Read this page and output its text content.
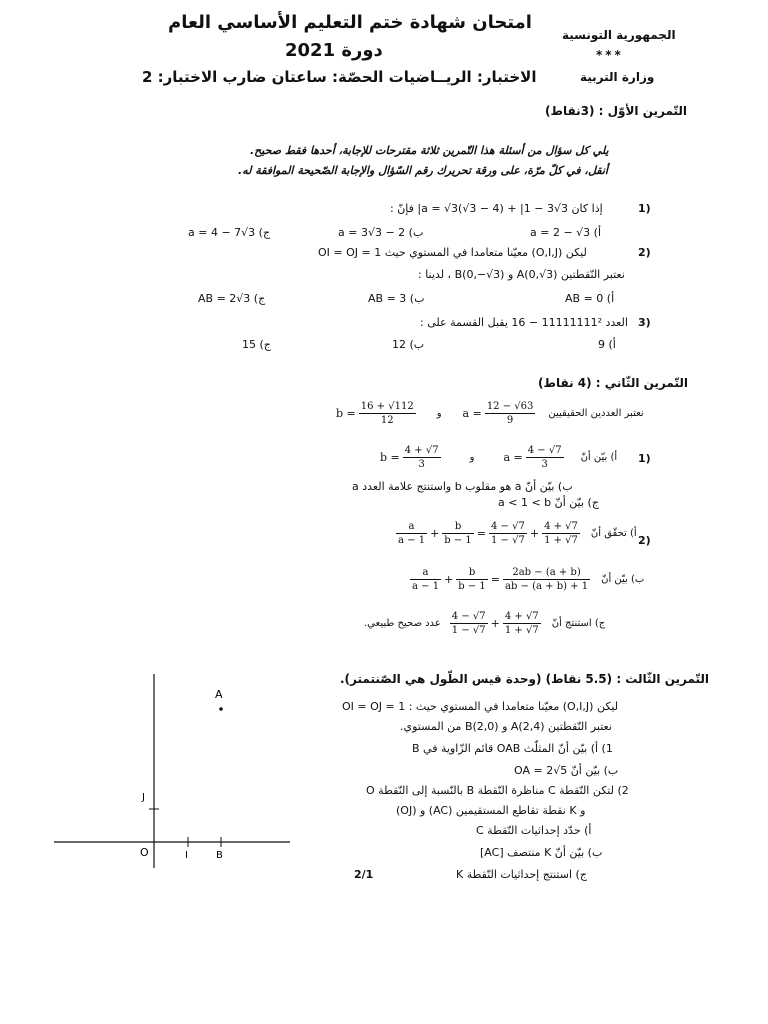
امتحان شهادة ختم التعليم الأساسي العام
دورة 2021
الجمهورية التونسية
***
وزارة التربية
الاختبار: الريــاضيات الحصّة: ساعتان ضارب الاختبار: 2
التّمرين الأوّل : (3نقاط)
يلي كل سؤال من أسئلة هذا التّمرين ثلاثة مقترحات للإجابة، أحدها فقط صحيح.
أنقل، في كلّ مرّة، على ورقة تحريرك رقم السّؤال والإجابة الصّحيحة الموافقة له.
1)
إذا كان a = √3(√3 − 4) + |1 − 3√3| فإنّ :
أ) a = 2 − √3
ب) a = 3√3 − 2
ج) a = 4 − 7√3
2)
ليكن (O,I,J) معيّنا متعامدا في المستوي حيث OI = OJ = 1
نعتبر النّقطتين A(0,√3) و B(0,−√3) ، لدينا :
أ) AB = 0
ب) AB = 3
ج) AB = 2√3
3)
العدد 11111111² − 16 يقبل القسمة على :
أ) 9
ب) 12
ج) 15
التّمرين الثّاني : (4 نقاط)
$b = \frac{16 + √112}{12}$ و $a = \frac{12 - √63}{9}$ نعتبر العددين الحقيقيين
1)
$b = \frac{4 + √7}{3}$	و	$a = \frac{4 - √7}{3}$ أ) بيّن أنّ
ب) بيّن أنّ a هو مقلوب b واستنتج علامة العدد a
ج) بيّن أنّ a < 1 < b
2)
$\frac{a}{a - 1} + \frac{b}{b - 1} = \frac{4 - √7}{1 - √7} + \frac{4 + √7}{1 + √7}$ أ) تحقّق أنّ
$\frac{a}{a - 1} + \frac{b}{b - 1} = \frac{2ab - (a + b)}{ab - (a + b) + 1}$ ب) بيّن أنّ
عدد صحيح طبيعي. $\frac{4 - √7}{1 - √7} + \frac{4 + √7}{1 + √7}$ ج) استنتج أنّ
التّمرين الثّالث : (5.5 نقاط) (وحدة قيس الطّول هي الصّنتمتر).
ليكن (O,I,J) معيّنا متعامدا في المستوي حيث : OI = OJ = 1
نعتبر النّقطتين A(2,4) و B(2,0) من المستوي.
1) أ) بيّن أنّ المثلّث OAB قائم الزّاوية في B
ب) بيّن أنّ OA = 2√5
2) لتكن النّقطة C مناظرة النّقطة B بالنّسبة إلى النّقطة O
و K نقطة تقاطع المستقيمين (AC) و (OJ)
أ) حدّد إحداثيات النّقطة C
ب) بيّن أنّ K منتصف [AC]
ج) استنتج إحداثيات النّقطة K
2/1
A
J
O	I	B
